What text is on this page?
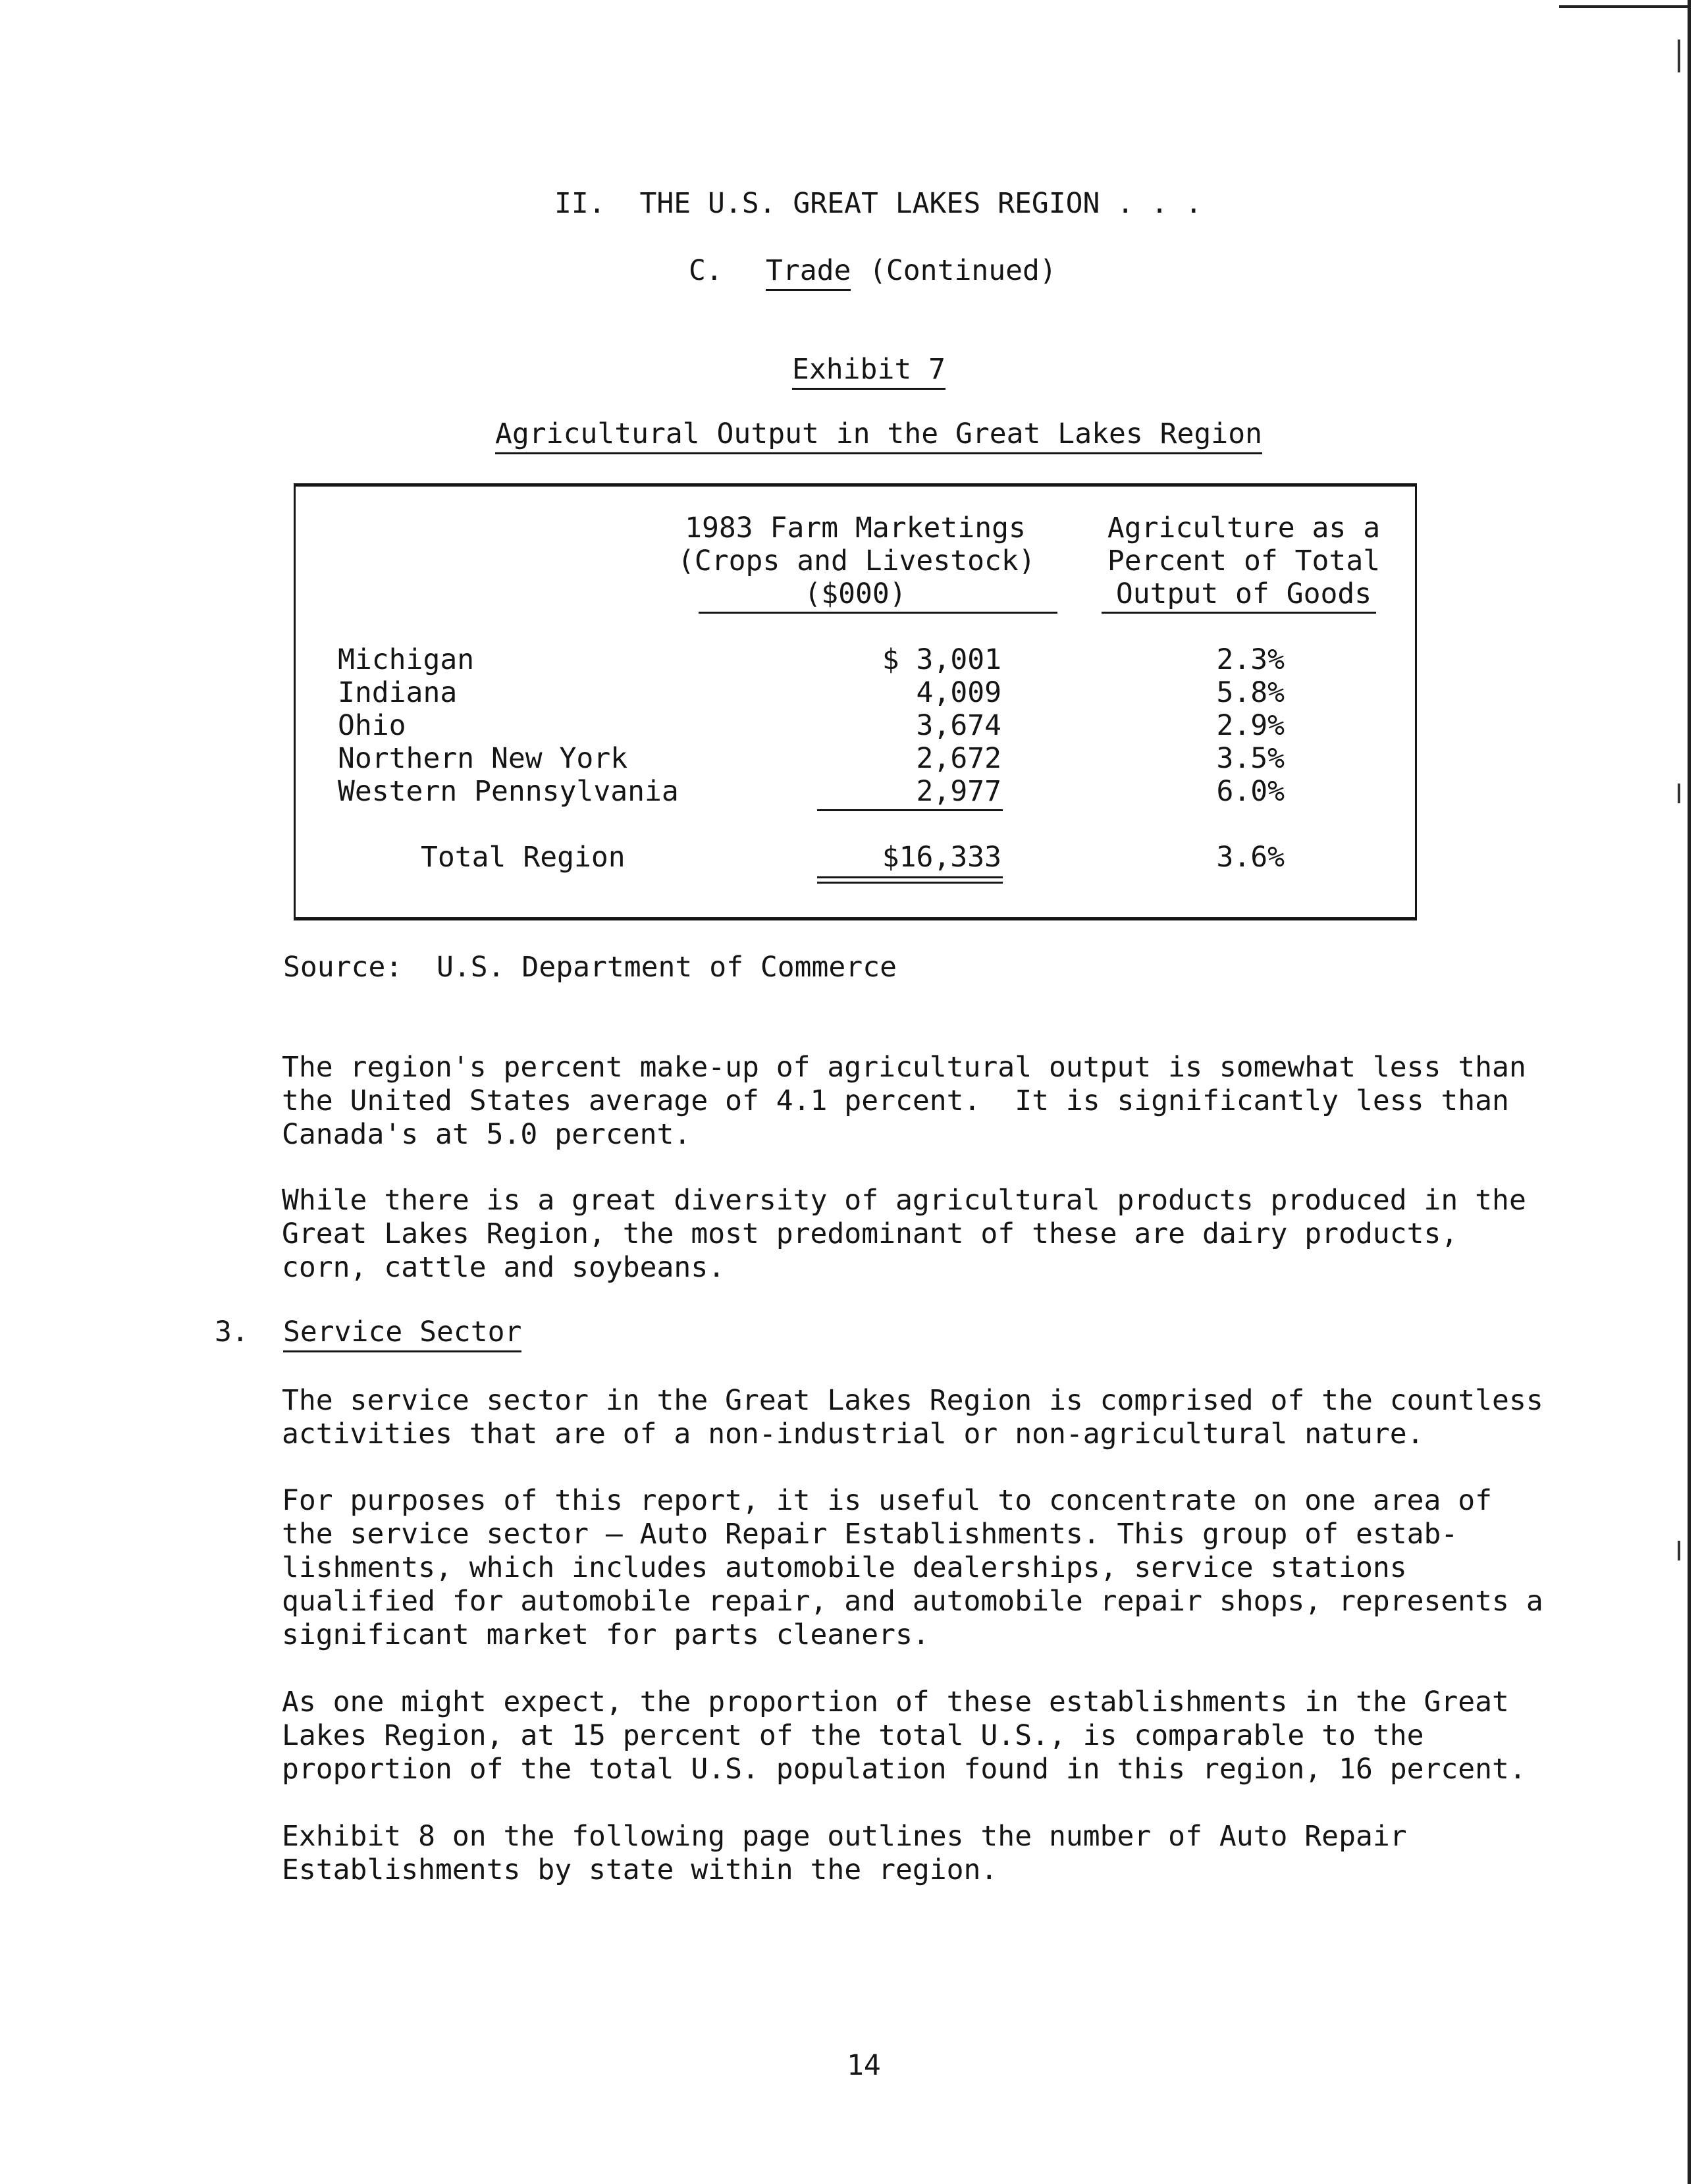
II.  THE U.S. GREAT LAKES REGION . . .
C. Trade (Continued)
Exhibit 7
Agricultural Output in the Great Lakes Region
1983 Farm Marketings
(Crops and Livestock)
($000)
Agriculture as a
Percent of Total
Output of Goods
Michigan	$ 3,001	2.3%
Indiana	4,009	5.8%
Ohio	3,674	2.9%
Northern New York	2,672	3.5%
Western Pennsylvania	2,977	6.0%
Total Region	$16,333	3.6%
Source:  U.S. Department of Commerce
The region's percent make-up of agricultural output is somewhat less than
the United States average of 4.1 percent.  It is significantly less than
Canada's at 5.0 percent.
While there is a great diversity of agricultural products produced in the
Great Lakes Region, the most predominant of these are dairy products,
corn, cattle and soybeans.
3. Service Sector
The service sector in the Great Lakes Region is comprised of the countless
activities that are of a non-industrial or non-agricultural nature.
For purposes of this report, it is useful to concentrate on one area of
the service sector — Auto Repair Establishments. This group of estab-
lishments, which includes automobile dealerships, service stations
qualified for automobile repair, and automobile repair shops, represents a
significant market for parts cleaners.
As one might expect, the proportion of these establishments in the Great
Lakes Region, at 15 percent of the total U.S., is comparable to the
proportion of the total U.S. population found in this region, 16 percent.
Exhibit 8 on the following page outlines the number of Auto Repair
Establishments by state within the region.
14
